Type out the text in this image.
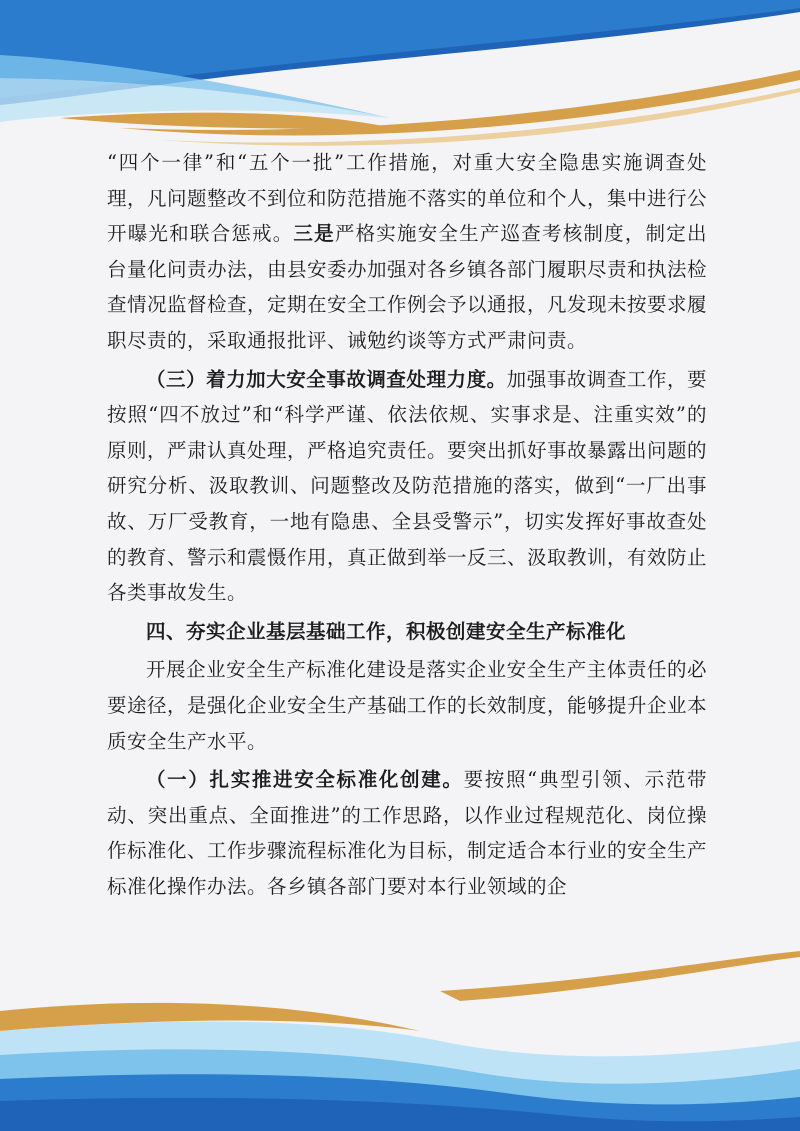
“四个一律”和“五个一批”工作措施，对重大安全隐患实施调查处理，凡问题整改不到位和防范措施不落实的单位和个人，集中进行公开曝光和联合惩戒。三是严格实施安全生产巡查考核制度，制定出台量化问责办法，由县安委办加强对各乡镇各部门履职尽责和执法检查情况监督检查，定期在安全工作例会予以通报，凡发现未按要求履职尽责的，采取通报批评、诫勉约谈等方式严肃问责。

（三）着力加大安全事故调查处理力度。加强事故调查工作，要按照“四不放过”和“科学严谨、依法依规、实事求是、注重实效”的原则，严肃认真处理，严格追究责任。要突出抓好事故暴露出问题的研究分析、汲取教训、问题整改及防范措施的落实，做到“一厂出事故、万厂受教育，一地有隐患、全县受警示”，切实发挥好事故查处的教育、警示和震慑作用，真正做到举一反三、汲取教训，有效防止各类事故发生。

四、夯实企业基层基础工作，积极创建安全生产标准化

开展企业安全生产标准化建设是落实企业安全生产主体责任的必要途径，是强化企业安全生产基础工作的长效制度，能够提升企业本质安全生产水平。

（一）扎实推进安全标准化创建。要按照“典型引领、示范带动、突出重点、全面推进”的工作思路，以作业过程规范化、岗位操作标准化、工作步骤流程标准化为目标，制定适合本行业的安全生产标准化操作办法。各乡镇各部门要对本行业领域的企
